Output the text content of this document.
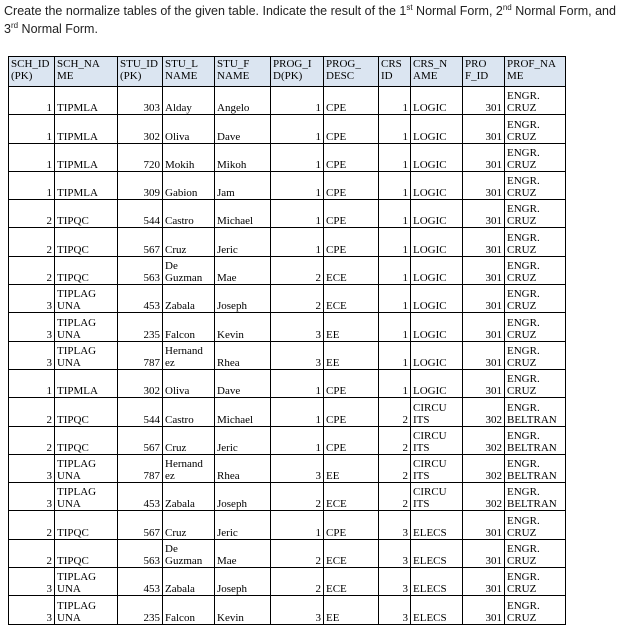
Create the normalize tables of the given table. Indicate the result of the 1st Normal Form, 2nd Normal Form, and 3rd Normal Form.
SCH_ID (PK)	SCH_NA ME	STU_ID (PK)	STU_L NAME	STU_F NAME	PROG_I D(PK)	PROG_ DESC	CRS ID	CRS_N AME	PRO F_ID	PROF_NA ME
1	TIPMLA	303	Alday	Angelo	1	CPE	1	LOGIC	301	ENGR. CRUZ
1	TIPMLA	302	Oliva	Dave	1	CPE	1	LOGIC	301	ENGR. CRUZ
1	TIPMLA	720	Mokih	Mikoh	1	CPE	1	LOGIC	301	ENGR. CRUZ
1	TIPMLA	309	Gabion	Jam	1	CPE	1	LOGIC	301	ENGR. CRUZ
2	TIPQC	544	Castro	Michael	1	CPE	1	LOGIC	301	ENGR. CRUZ
2	TIPQC	567	Cruz	Jeric	1	CPE	1	LOGIC	301	ENGR. CRUZ
2	TIPQC	563	De Guzman	Mae	2	ECE	1	LOGIC	301	ENGR. CRUZ
3	TIPLAG UNA	453	Zabala	Joseph	2	ECE	1	LOGIC	301	ENGR. CRUZ
3	TIPLAG UNA	235	Falcon	Kevin	3	EE	1	LOGIC	301	ENGR. CRUZ
3	TIPLAG UNA	787	Hernand ez	Rhea	3	EE	1	LOGIC	301	ENGR. CRUZ
1	TIPMLA	302	Oliva	Dave	1	CPE	1	LOGIC	301	ENGR. CRUZ
2	TIPQC	544	Castro	Michael	1	CPE	2	CIRCU ITS	302	ENGR. BELTRAN
2	TIPQC	567	Cruz	Jeric	1	CPE	2	CIRCU ITS	302	ENGR. BELTRAN
3	TIPLAG UNA	787	Hernand ez	Rhea	3	EE	2	CIRCU ITS	302	ENGR. BELTRAN
3	TIPLAG UNA	453	Zabala	Joseph	2	ECE	2	CIRCU ITS	302	ENGR. BELTRAN
2	TIPQC	567	Cruz	Jeric	1	CPE	3	ELECS	301	ENGR. CRUZ
2	TIPQC	563	De Guzman	Mae	2	ECE	3	ELECS	301	ENGR. CRUZ
3	TIPLAG UNA	453	Zabala	Joseph	2	ECE	3	ELECS	301	ENGR. CRUZ
3	TIPLAG UNA	235	Falcon	Kevin	3	EE	3	ELECS	301	ENGR. CRUZ
